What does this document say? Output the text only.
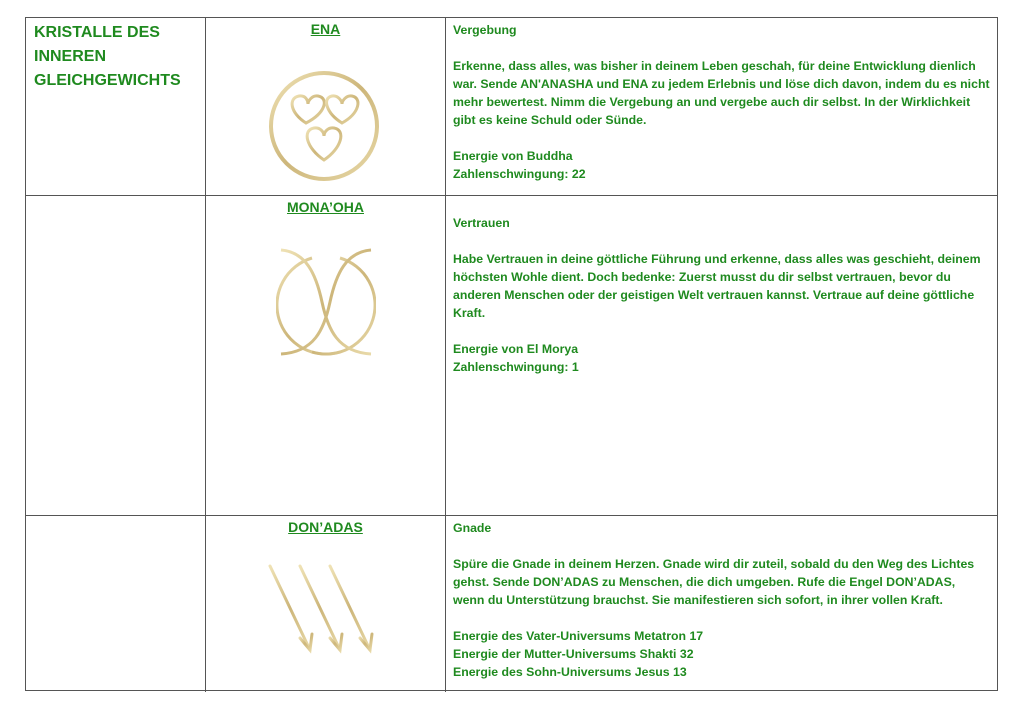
KRISTALLE DES
INNEREN
GLEICHGEWICHTS
ENA	Vergebung

Erkenne, dass alles, was bisher in deinem Leben geschah, für deine Entwicklung dienlich war. Sende AN'ANASHA und ENA zu jedem Erlebnis und löse dich davon, indem du es nicht mehr bewertest. Nimm die Vergebung an und vergebe auch dir selbst. In der Wirklichkeit gibt es keine Schuld oder Sünde.

Energie von Buddha

Zahlenschwingung: 22

MONA’OHA

Vertrauen

Habe Vertrauen in deine göttliche Führung und erkenne, dass alles was geschieht, deinem höchsten Wohle dient. Doch bedenke: Zuerst musst du dir selbst vertrauen, bevor du anderen Menschen oder der geistigen Welt vertrauen kannst. Vertraue auf deine göttliche Kraft.

Energie von El Morya

Zahlenschwingung: 1

DON’ADAS	Gnade

Spüre die Gnade in deinem Herzen. Gnade wird dir zuteil, sobald du den Weg des Lichtes gehst. Sende DON’ADAS zu Menschen, die dich umgeben. Rufe die Engel DON’ADAS, wenn du Unterstützung brauchst. Sie manifestieren sich sofort, in ihrer vollen Kraft.

Energie des Vater-Universums Metatron 17

Energie der Mutter-Universums Shakti 32

Energie des Sohn-Universums Jesus 13
